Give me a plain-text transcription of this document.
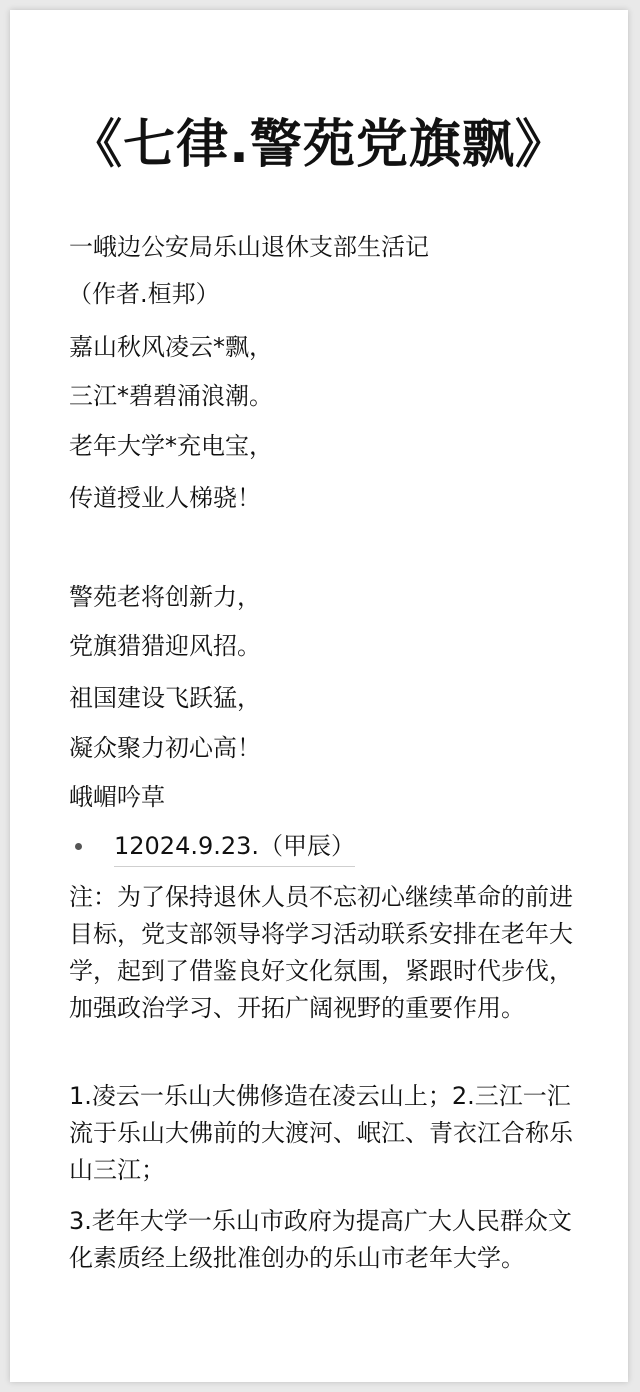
《七律.警苑党旗飘》
一峨边公安局乐山退休支部生活记
（作者.桓邦）
嘉山秋风凌云*飘，
三江*碧碧涌浪潮。
老年大学*充电宝，
传道授业人梯骁！
警苑老将创新力，
党旗猎猎迎风招。
祖国建设飞跃猛，
凝众聚力初心高！
峨嵋吟草
12024.9.23.（甲辰）
注：为了保持退休人员不忘初心继续革命的前进目标，党支部领导将学习活动联系安排在老年大学，起到了借鉴良好文化氛围，紧跟时代步伐，加强政治学习、开拓广阔视野的重要作用。
1.凌云一乐山大佛修造在凌云山上；2.三江一汇流于乐山大佛前的大渡河、岷江、青衣江合称乐山三江；
3.老年大学一乐山市政府为提高广大人民群众文化素质经上级批准创办的乐山市老年大学。
